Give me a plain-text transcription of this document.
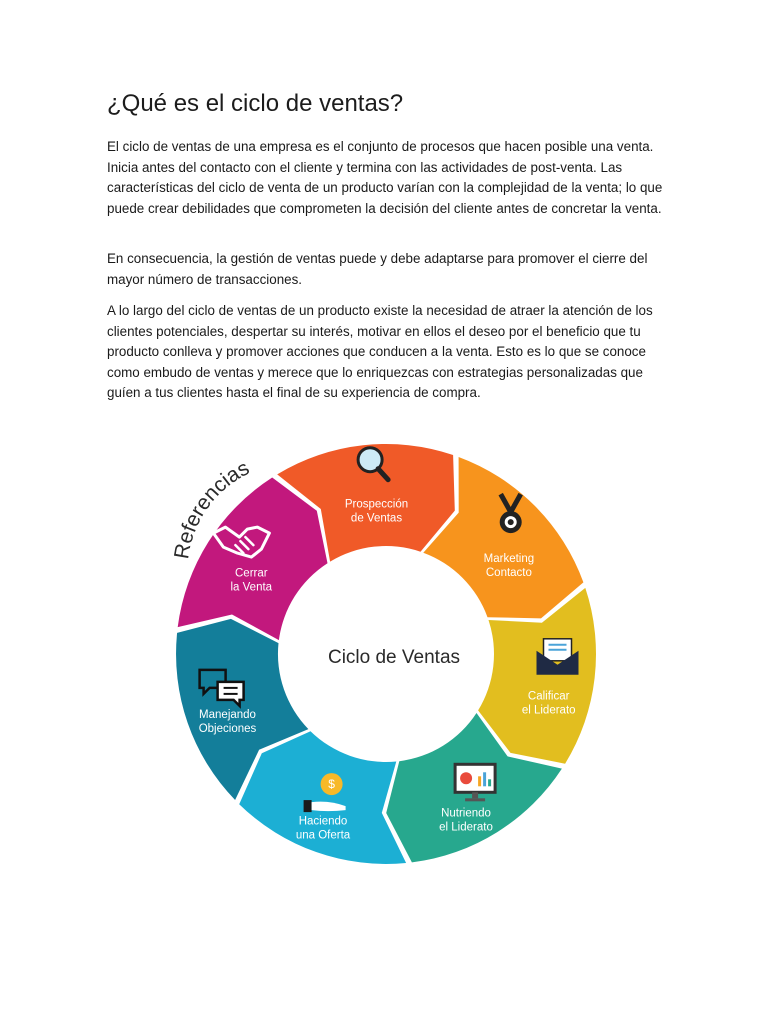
¿Qué es el ciclo de ventas?

El ciclo de ventas de una empresa es el conjunto de procesos que hacen posible una venta. Inicia antes del contacto con el cliente y termina con las actividades de post-venta. Las características del ciclo de venta de un producto varían con la complejidad de la venta; lo que puede crear debilidades que comprometen la decisión del cliente antes de concretar la venta.

En consecuencia, la gestión de ventas puede y debe adaptarse para promover el cierre del mayor número de transacciones.

A lo largo del ciclo de ventas de un producto existe la necesidad de atraer la atención de los clientes potenciales, despertar su interés, motivar en ellos el deseo por el beneficio que tu producto conlleva y promover acciones que conducen a la venta. Esto es lo que se conoce como embudo de ventas y merece que lo enriquezcas con estrategias personalizadas que guíen a tus clientes hasta el final de su experiencia de compra.

Prospección
de Ventas
Marketing
Contacto
Calificar
el Liderato
Nutriendo
el Liderato
$
Haciendo
una Oferta
Manejando
Objeciones
Cerrar
la Venta
Ciclo de Ventas
Referencias
